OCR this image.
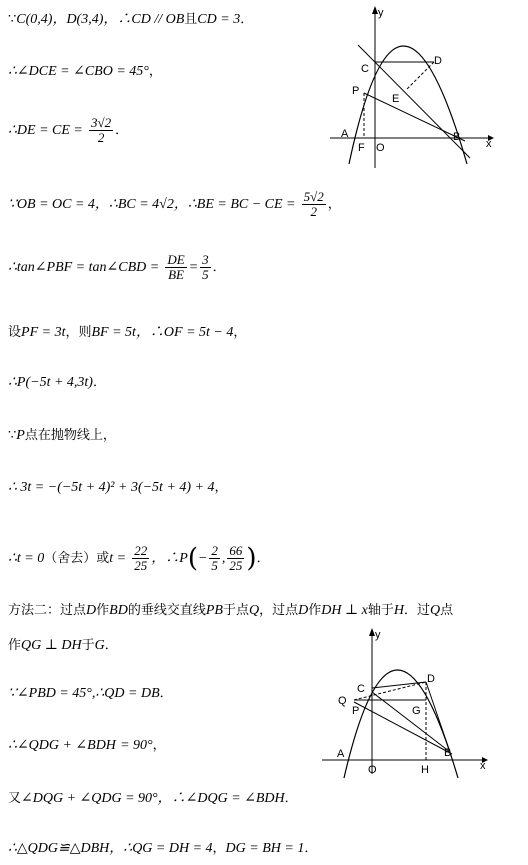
∵C(0,4)，D(3,4)，∴CD // OB且CD = 3．
∴∠DCE = ∠CBO = 45°，
∴DE = CE = $\frac{3√2}{2}$ ．
∵OB = OC = 4，∴BC = 4√2，∴BE = BC − CE = $\frac{5√2}{2}$ ，
∴tan∠PBF = tan∠CBD = $\frac{DE}{BE} = \frac{3}{5}$ ．
设PF = 3t，则BF = 5t，∴OF = 5t − 4，
∴P(−5t + 4,3t)．
∵P点在抛物线上，
∴ 3t = −(−5t + 4)² + 3(−5t + 4) + 4，
∴t = 0（舍去）或$t = \frac{22}{25}$ ，∴P(− $\frac{2}{5}$ , $\frac{66}{25}$ )．
方法二：过点D作BD的垂线交直线PB于点Q，过点D作DH ⊥ x轴于H．过Q点
作QG ⊥ DH于G．
∵∠PBD = 45°,∴QD = DB．
∴∠QDG + ∠BDH = 90°，
又∠DQG + ∠QDG = 90°，∴∠DQG = ∠BDH．
∴△QDG≌△DBH，∴QG = DH = 4，DG = BH = 1．
y
x
C
D
P
E
A
F O
B
y
x
C
D
Q
P	G
A
O	H
B
